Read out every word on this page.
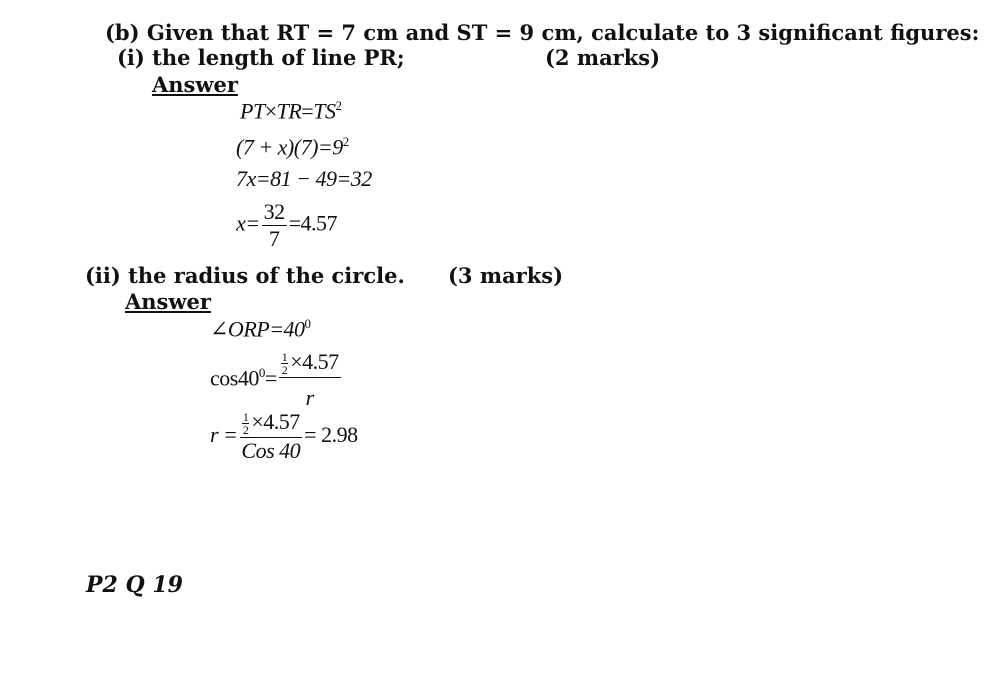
(b) Given that RT = 7 cm and ST = 9 cm, calculate to 3 significant figures:
(i) the length of line PR;	(2 marks)
Answer
$PT\times TR=TS^2$
$(7 + x)(7)=9^2$
7x=81 − 49=32
$x= \frac{32}{7} =4.57$
(ii) the radius of the circle. (3 marks)
Answer
$\angle ORP=40^0$
$\cos 40^0= \frac{\frac{1}{2} \times 4.57}{r}$
$r = \frac{\frac{1}{2} \times 4.57}{\text{Cos 40}} = 2.98$
P2 Q 19
